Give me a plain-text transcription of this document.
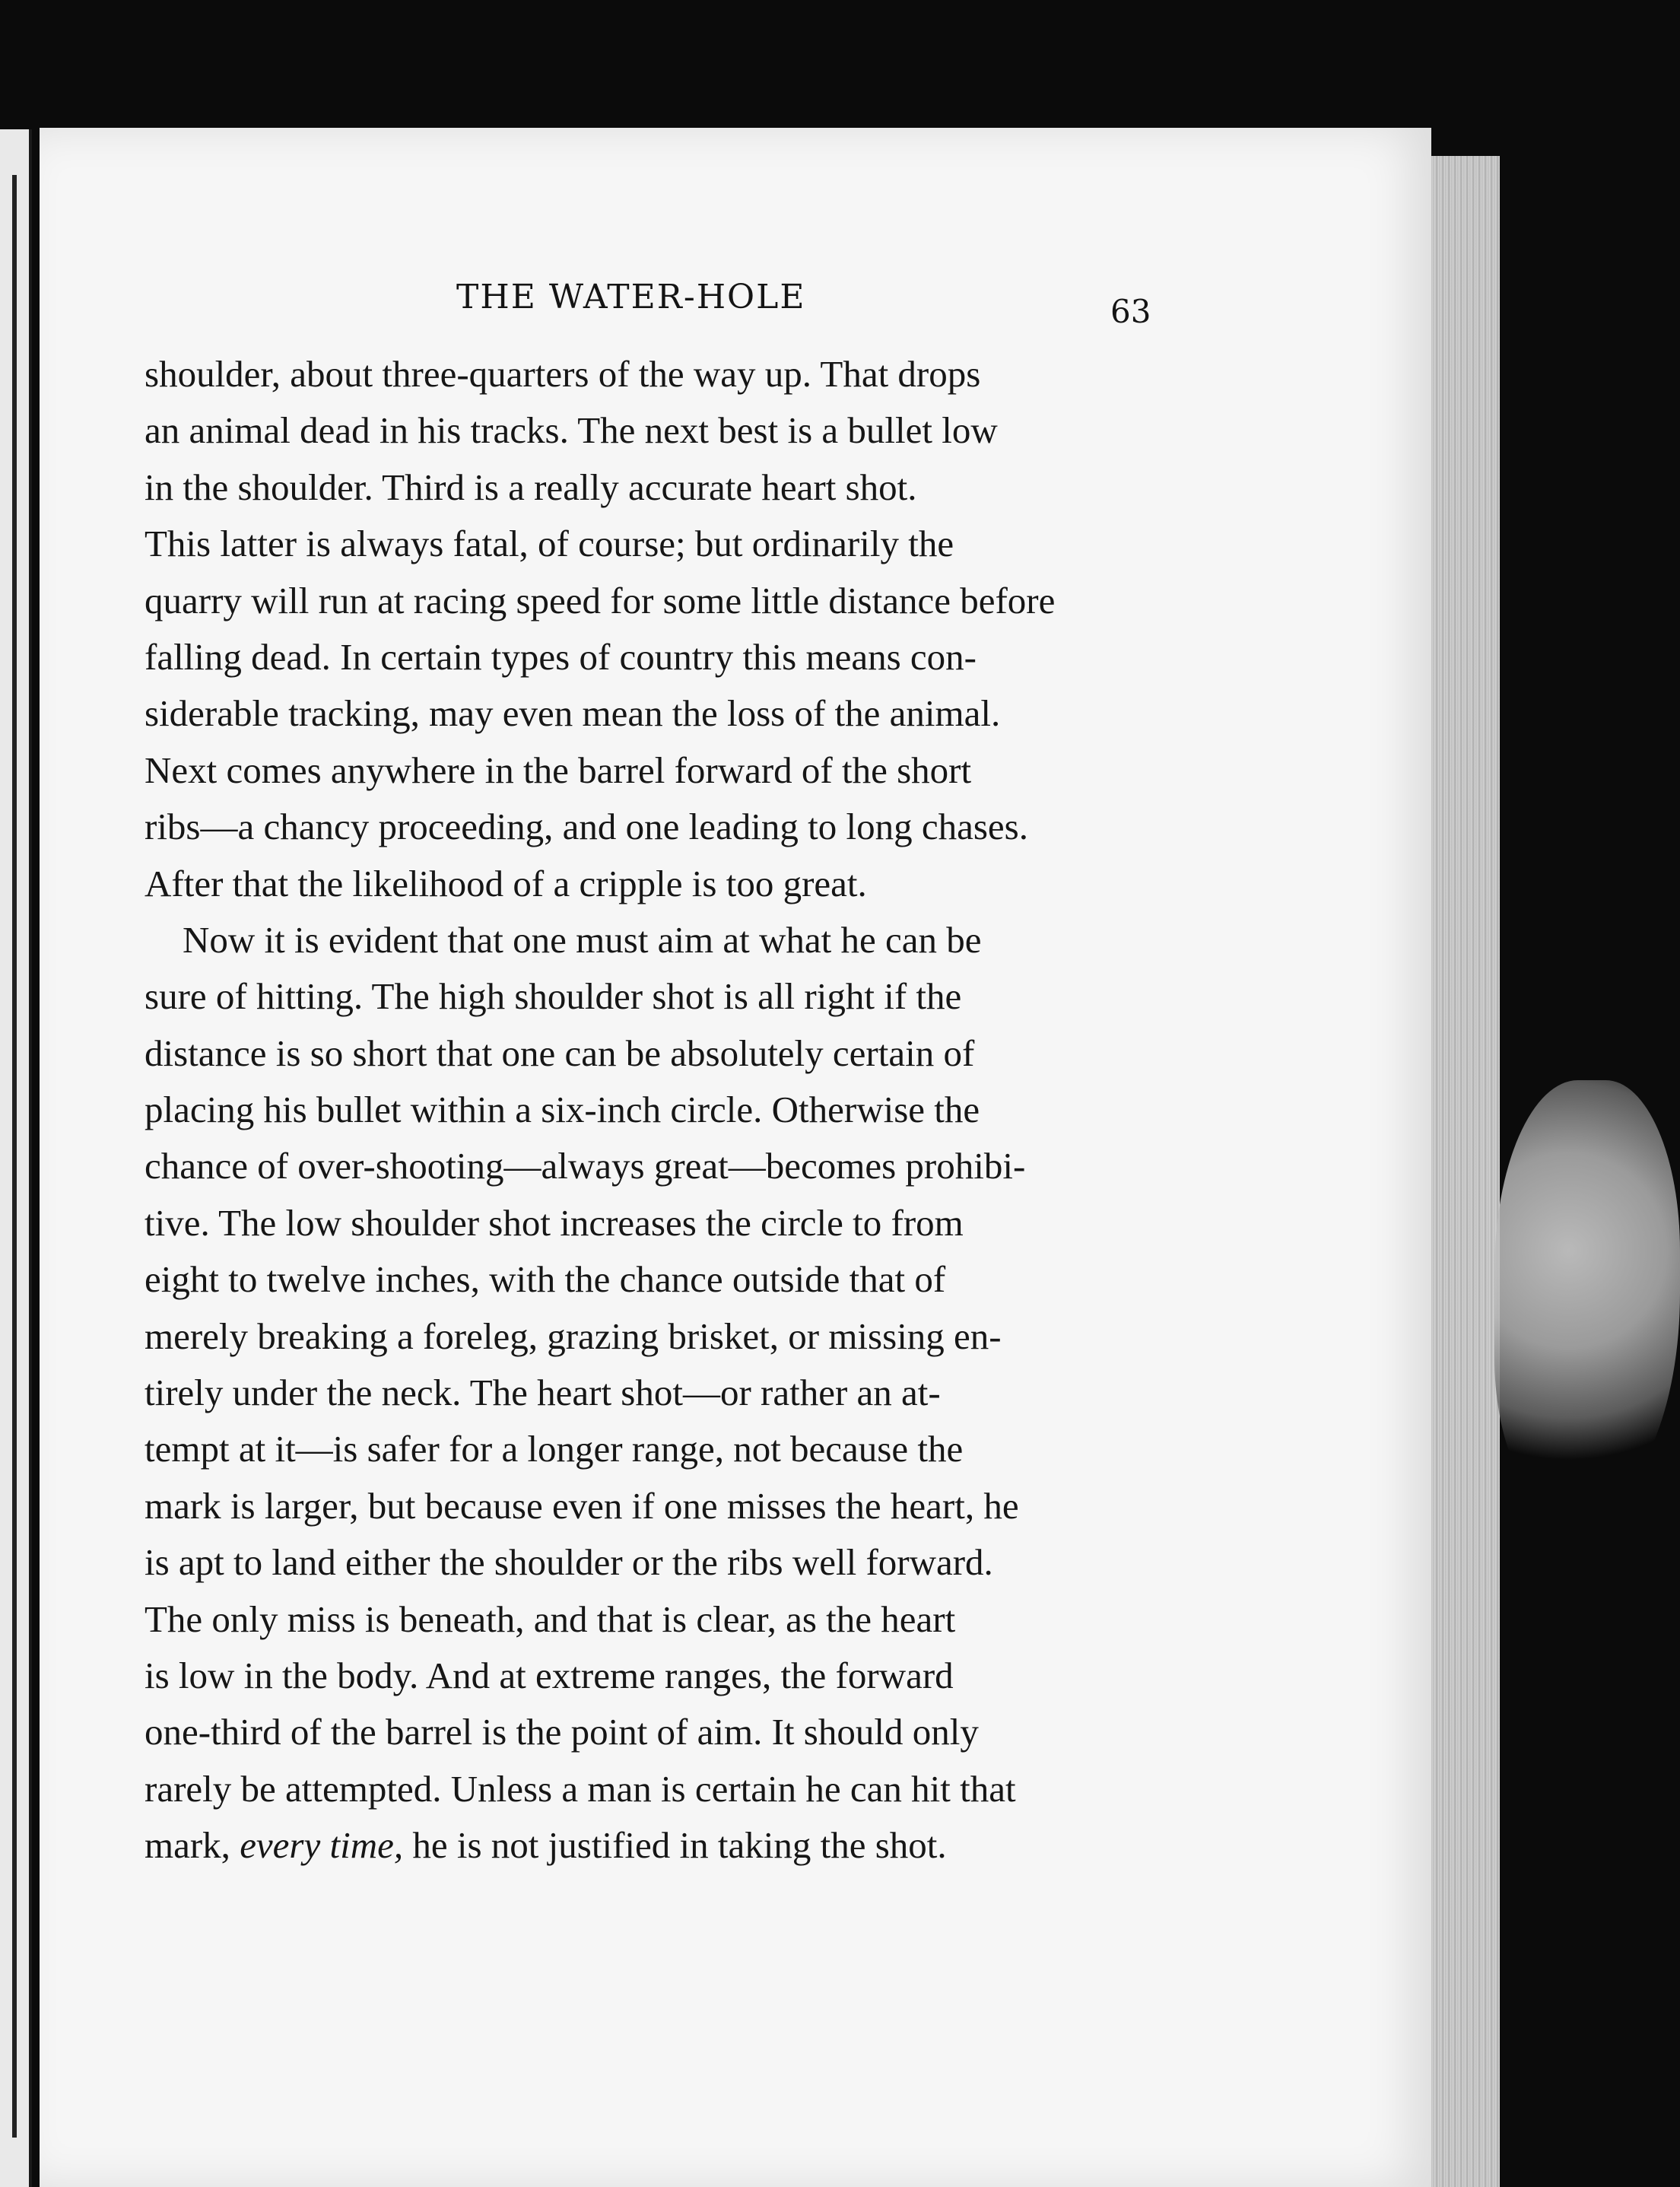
THE WATER-HOLE	63
shoulder, about three-quarters of the way up. That drops
an animal dead in his tracks. The next best is a bullet low
in the shoulder. Third is a really accurate heart shot.
This latter is always fatal, of course; but ordinarily the
quarry will run at racing speed for some little distance before
falling dead. In certain types of country this means con-
siderable tracking, may even mean the loss of the animal.
Next comes anywhere in the barrel forward of the short
ribs—a chancy proceeding, and one leading to long chases.
After that the likelihood of a cripple is too great.
Now it is evident that one must aim at what he can be
sure of hitting. The high shoulder shot is all right if the
distance is so short that one can be absolutely certain of
placing his bullet within a six-inch circle. Otherwise the
chance of over-shooting—always great—becomes prohibi-
tive. The low shoulder shot increases the circle to from
eight to twelve inches, with the chance outside that of
merely breaking a foreleg, grazing brisket, or missing en-
tirely under the neck. The heart shot—or rather an at-
tempt at it—is safer for a longer range, not because the
mark is larger, but because even if one misses the heart, he
is apt to land either the shoulder or the ribs well forward.
The only miss is beneath, and that is clear, as the heart
is low in the body. And at extreme ranges, the forward
one-third of the barrel is the point of aim. It should only
rarely be attempted. Unless a man is certain he can hit that
mark, every time, he is not justified in taking the shot.
